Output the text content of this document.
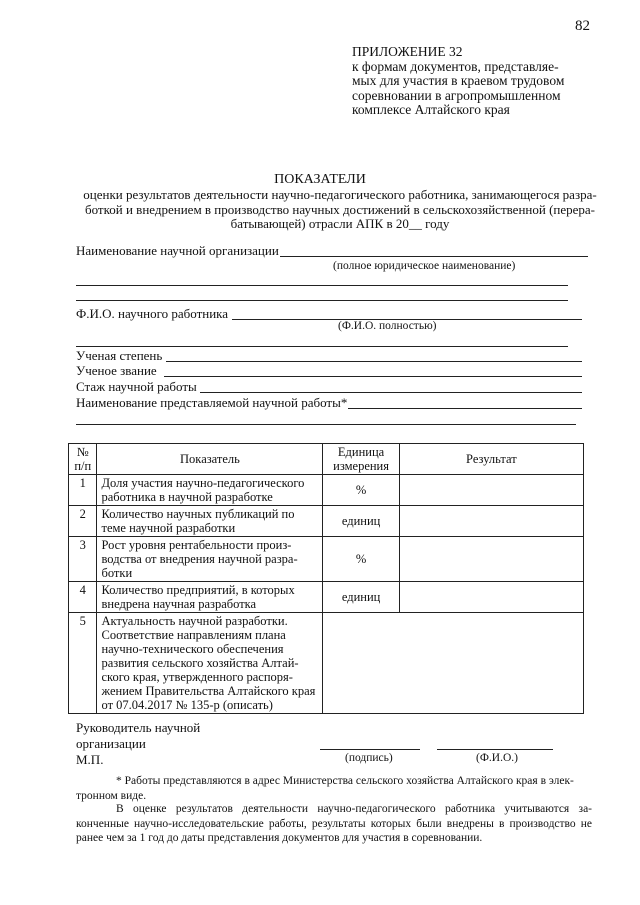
82
ПРИЛОЖЕНИЕ 32
к формам документов, представляе-
мых для участия в краевом трудовом
соревновании в агропромышленном
комплексе Алтайского края
ПОКАЗАТЕЛИ
оценки результатов деятельности научно-педагогического работника, занимающегося разра-
боткой и внедрением в производство научных достижений в сельскохозяйственной (перера-
батывающей) отрасли АПК в 20__ году
Наименование научной организации
(полное юридическое наименование)
Ф.И.О. научного работника
(Ф.И.О. полностью)
Ученая степень
Ученое звание
Стаж научной работы
Наименование представляемой научной работы*
№ п/п	Показатель	Единица измерения	Результат
1	Доля участия научно-педагогического работника в научной разработке	%	
2	Количество научных публикаций по теме научной разработки	единиц	
3	Рост уровня рентабельности произ-водства от внедрения научной разра-ботки	%	
4	Количество предприятий, в которых внедрена научная разработка	единиц	
5	Актуальность научной разработки. Соответствие направлениям плана научно-технического обеспечения развития сельского хозяйства Алтай-ского края, утвержденного распоря-жением Правительства Алтайского края от 07.04.2017 № 135-р (описать)		
Руководитель научной
организации
М.П.	(подпись)	(Ф.И.О.)
* Работы представляются в адрес Министерства сельского хозяйства Алтайского края в элек-тронном виде.
В оценке результатов деятельности научно-педагогического работника учитываются за-конченные научно-исследовательские работы, результаты которых были внедрены в производство не ранее чем за 1 год до даты представления документов для участия в соревновании.
